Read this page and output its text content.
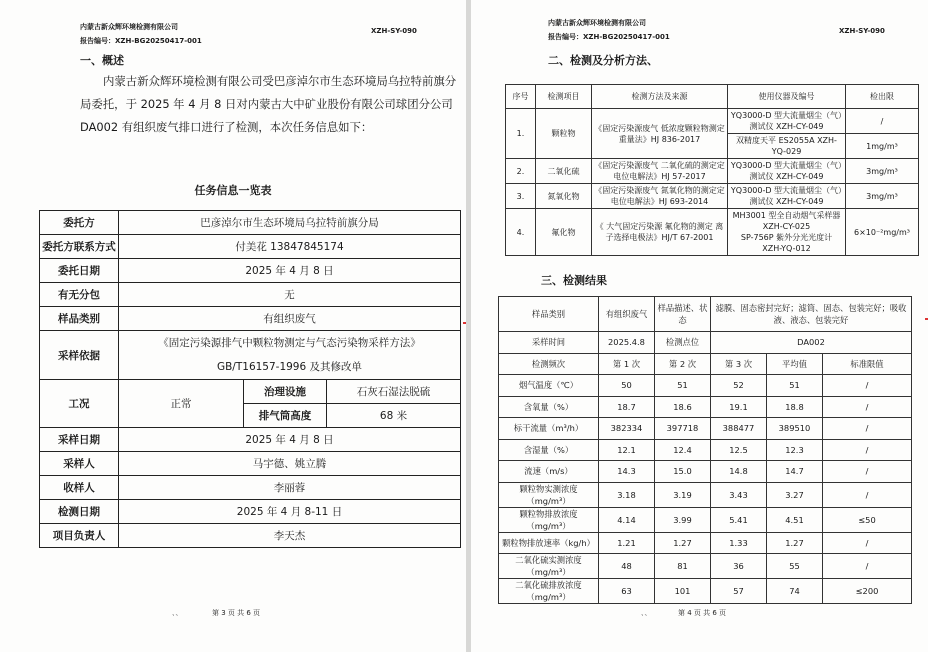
内蒙古新众辉环境检测有限公司
报告编号：XZH-BG20250417-001
XZH-SY-090
一、概述
内蒙古新众辉环境检测有限公司受巴彦淖尔市生态环境局乌拉特前旗分局委托，于 2025 年 4 月 8 日对内蒙古大中矿业股份有限公司球团分公司 DA002 有组织废气排口进行了检测，本次任务信息如下：
任务信息一览表
委托方	巴彦淖尔市生态环境局乌拉特前旗分局		
委托方联系方式	付美花 13847845174		
委托日期	2025 年 4 月 8 日		
有无分包	无		
样品类别	有组织废气		
采样依据	《固定污染源排气中颗粒物测定与气态污染物采样方法》
GB/T16157-1996 及其修改单		

工况	正常	治理设施	石灰石湿法脱硫
		排气筒高度	68 米
采样日期	2025 年 4 月 8 日		
采样人	马宇德、姚立腾		
收样人	李丽蓉		
检测日期	2025 年 4 月 8-11 日		
项目负责人	李天杰		
、、	第 3 页 共 6 页
内蒙古新众辉环境检测有限公司
报告编号：XZH-BG20250417-001
XZH-SY-090
二、检测及分析方法、
序号	检测项目	检测方法及来源	使用仪器及编号	检出限
1.	颗粒物	《固定污染源废气 低浓度颗粒物测定重量法》HJ 836-2017	YQ3000-D 型大流量烟尘（气）测试仪 XZH-CY-049	/
			双精度天平 ES2055A XZH-YQ-029	1mg/m³
2.	二氧化硫	《固定污染源废气 二氧化硫的测定定电位电解法》HJ 57-2017	YQ3000-D 型大流量烟尘（气）测试仪 XZH-CY-049	3mg/m³
3.	氮氧化物	《固定污染源废气 氮氧化物的测定定电位电解法》HJ 693-2014	YQ3000-D 型大流量烟尘（气）测试仪 XZH-CY-049	3mg/m³
4.	氟化物	《 大气固定污染源 氟化物的测定 离子选择电极法》HJ/T 67-2001	MH3001 型全自动烟气采样器 XZH-CY-025
SP-756P 紫外分光光度计 XZH-YQ-012	6×10⁻²mg/m³
三、检测结果
样品类别	有组织废气	样品描述、状态	滤膜、固态密封完好；滤筒、固态、包装完好；吸收液、液态、包装完好		
采样时间	2025.4.8	检测点位	DA002		
检测频次	第 1 次	第 2 次	第 3 次	平均值	标准限值
烟气温度（℃）	50	51	52	51	/
含氧量（%）	18.7	18.6	19.1	18.8	/
标干流量（m³/h）	382334	397718	388477	389510	/
含湿量（%）	12.1	12.4	12.5	12.3	/
流速（m/s）	14.3	15.0	14.8	14.7	/
颗粒物实测浓度（mg/m³）	3.18	3.19	3.43	3.27	/
颗粒物排放浓度（mg/m³）	4.14	3.99	5.41	4.51	≤50
颗粒物排放速率（kg/h）	1.21	1.27	1.33	1.27	/
二氧化硫实测浓度（mg/m³）	48	81	36	55	/
二氧化硫排放浓度（mg/m³）	63	101	57	74	≤200
、、	第 4 页 共 6 页
